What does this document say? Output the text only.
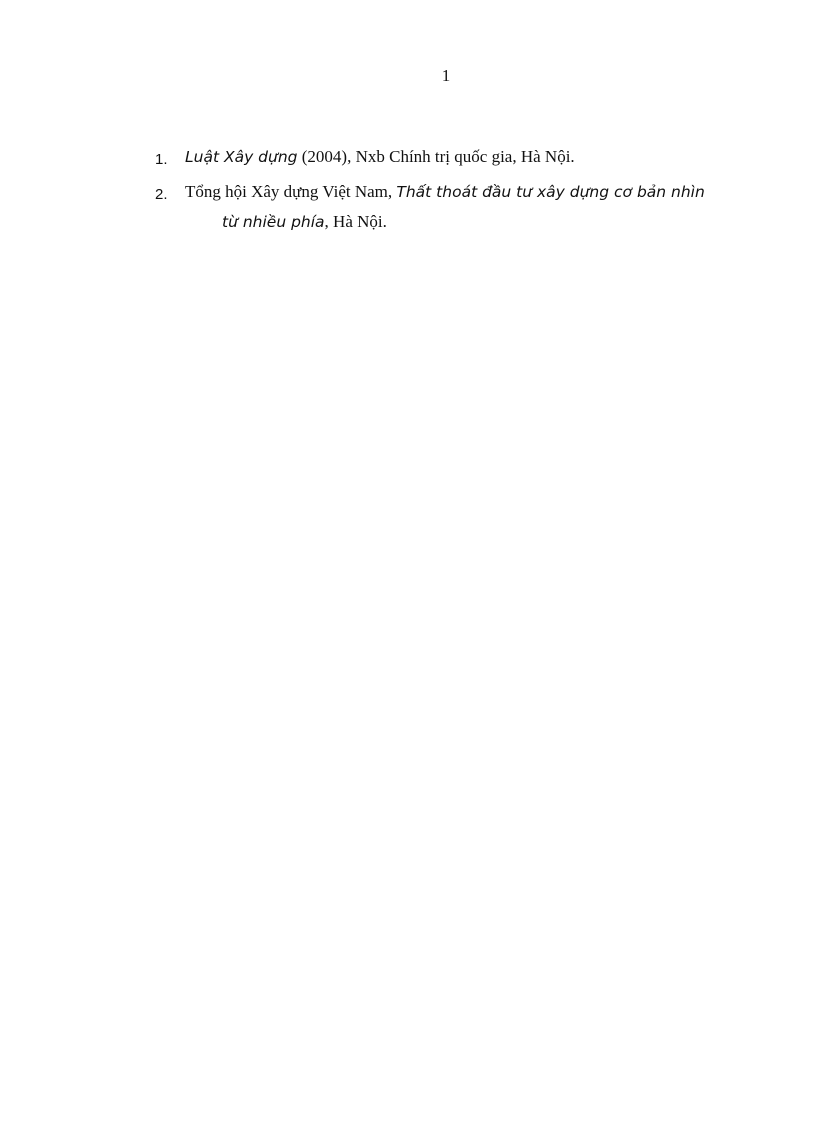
1
1. Luật Xây dựng (2004), Nxb Chính trị quốc gia, Hà Nội.
2. Tổng hội Xây dựng Việt Nam, Thất thoát đầu tư xây dựng cơ bản nhìn
từ nhiều phía, Hà Nội.
